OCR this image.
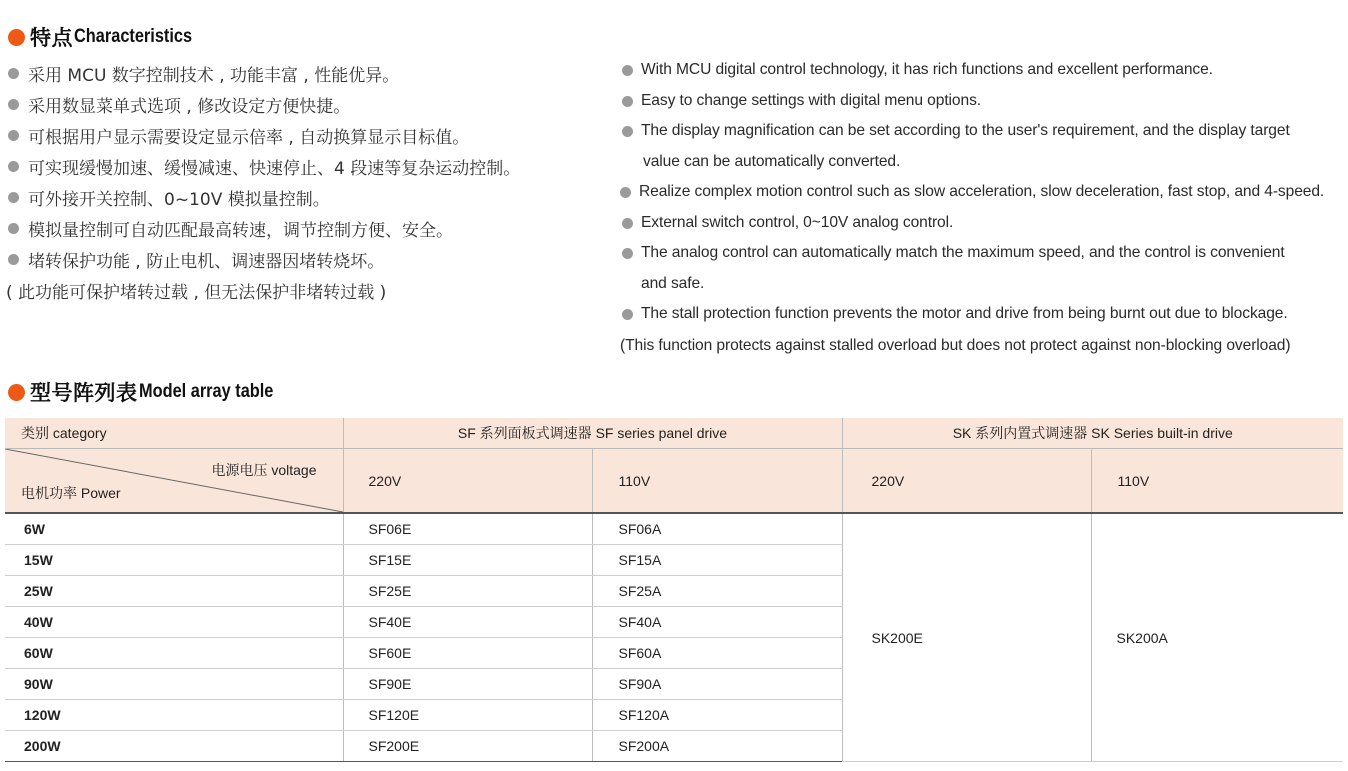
特点 Characteristics
采用 MCU 数字控制技术 , 功能丰富 , 性能优异。
采用数显菜单式选项 , 修改设定方便快捷。
可根据用户显示需要设定显示倍率 , 自动换算显示目标值。
可实现缓慢加速、缓慢减速、快速停止、4 段速等复杂运动控制。
可外接开关控制、0~10V 模拟量控制。
模拟量控制可自动匹配最高转速，调节控制方便、安全。
堵转保护功能 , 防止电机、调速器因堵转烧坏。
( 此功能可保护堵转过载 , 但无法保护非堵转过载 )
With MCU digital control technology, it has rich functions and excellent performance.
Easy to change settings with digital menu options.
The display magnification can be set according to the user's requirement, and the display target
value can be automatically converted.
Realize complex motion control such as slow acceleration, slow deceleration, fast stop, and 4-speed.
External switch control, 0~10V analog control.
The analog control can automatically match the maximum speed, and the control is convenient
and safe.
The stall protection function prevents the motor and drive from being burnt out due to blockage.
(This function protects against stalled overload but does not protect against non-blocking overload)
型号阵列表 Model array table
类别 category	SF 系列面板式调速器 SF series panel drive		SK 系列内置式调速器 SK Series built-in drive	

电源电压 voltage
电机功率 Power	220V	110V	220V	110V
6W	SF06E	SF06A	SK200E	SK200A
15W	SF15E	SF15A		
25W	SF25E	SF25A		
40W	SF40E	SF40A		
60W	SF60E	SF60A		
90W	SF90E	SF90A		
120W	SF120E	SF120A		
200W	SF200E	SF200A		
